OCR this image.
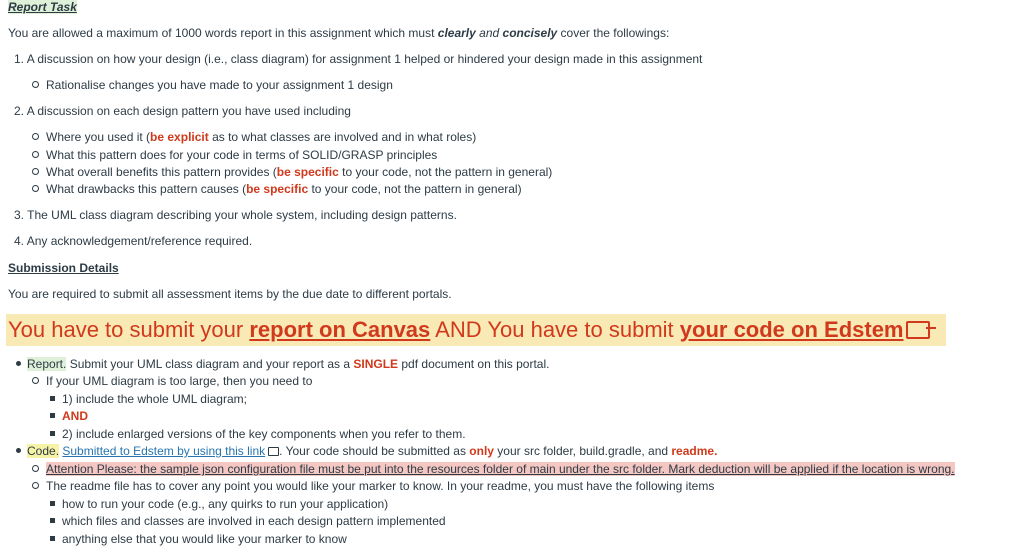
Report Task
You are allowed a maximum of 1000 words report in this assignment which must clearly and concisely cover the followings:
1. A discussion on how your design (i.e., class diagram) for assignment 1 helped or hindered your design made in this assignment
Rationalise changes you have made to your assignment 1 design
2. A discussion on each design pattern you have used including
Where you used it (be explicit as to what classes are involved and in what roles)
What this pattern does for your code in terms of SOLID/GRASP principles
What overall benefits this pattern provides (be specific to your code, not the pattern in general)
What drawbacks this pattern causes (be specific to your code, not the pattern in general)
3. The UML class diagram describing your whole system, including design patterns.
4. Any acknowledgement/reference required.
Submission Details
You are required to submit all assessment items by the due date to different portals.
You have to submit your report on Canvas AND You have to submit your code on Edstem
Report. Submit your UML class diagram and your report as a SINGLE pdf document on this portal.
If your UML diagram is too large, then you need to
1) include the whole UML diagram;
AND
2) include enlarged versions of the key components when you refer to them.
Code. Submitted to Edstem by using this link . Your code should be submitted as only your src folder, build.gradle, and readme.
Attention Please: the sample json configuration file must be put into the resources folder of main under the src folder. Mark deduction will be applied if the location is wrong.
The readme file has to cover any point you would like your marker to know. In your readme, you must have the following items
how to run your code (e.g., any quirks to run your application)
which files and classes are involved in each design pattern implemented
anything else that you would like your marker to know
